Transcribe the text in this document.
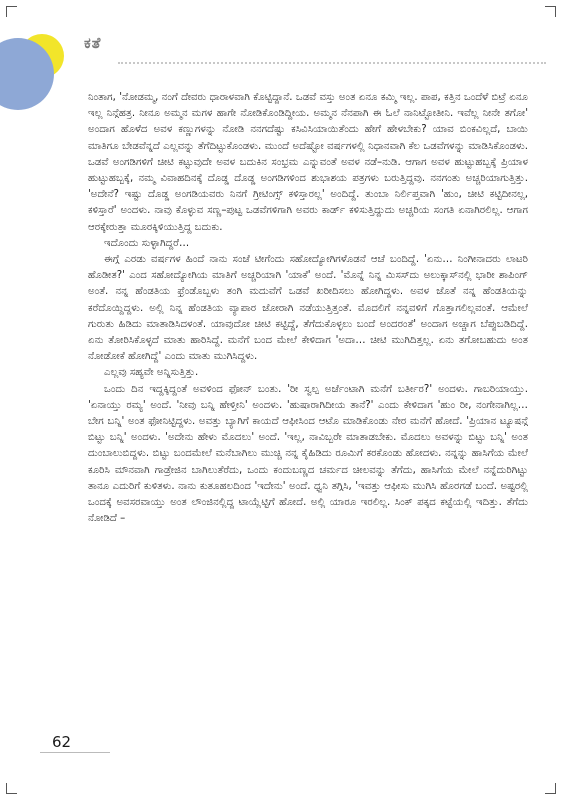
ಕತೆ

ನಿಂತಾಗ, 'ನೋಡಮ್ಮ, ನಂಗೆ ದೇವರು ಧಾರಾಳವಾಗಿ ಕೊಟ್ಟಿದ್ದಾನೆ. ಒಡವೆ ವಸ್ತು ಅಂತ ಏನೂ ಕಮ್ಮಿ ಇಲ್ಲ. ಪಾಪ, ಕತ್ತಿನ ಒಂದೆಳೆ ಬಿಟ್ರೆ ಏನೂ ಇಲ್ಲ ನಿನ್ಗೆಹತ್ರ. ನೀನೂ ಅಮ್ಮನ ಮಗಳ ಹಾಗೇ ನೋಡಿಕೊಂಡಿದ್ದೀಯ. ಅಮ್ಮನ ನೆನಪಾಗಿ ಈ ಓಲೆ ನಾನಿಟ್ಟೋತೀನಿ. ಇವೆಲ್ಲ ನೀನೇ ತಗೋ' ಅಂದಾಗ ಹೊಳೆದ ಅವಳ ಕಣ್ಣುಗಳನ್ನು ನೋಡಿ ನನಗದೆಷ್ಟು ಕಸಿವಿಸಿಯಾಯಿತೆಂದು ಹೇಗೆ ಹೇಳಬೇಕು? ಯಾವ ಬಿಂಕವಿಲ್ಲದೆ, ಬಾಯಿ ಮಾತಿಗೂ ಬೇಡವೆನ್ನದೆ ಎಲ್ಲವನ್ನು ತೆಗೆದಿಟ್ಟುಕೊಂಡಳು. ಮುಂದೆ ಅದೆಷ್ಟೋ ವರ್ಷಗಳಲ್ಲಿ ನಿಧಾನವಾಗಿ ಕೆಲ ಒಡವೆಗಳನ್ನು ಮಾಡಿಸಿಕೊಂಡಳು. ಒಡವೆ ಅಂಗಡಿಗಳಿಗೆ ಚೀಟಿ ಕಟ್ಟುವುದೇ ಅವಳ ಬದುಕಿನ ಸಂಭ್ರಮ ಎನ್ನುವಂತೆ ಅವಳ ನಡೆ–ನುಡಿ. ಆಗಾಗ ಅವಳ ಹುಟ್ಟುಹಬ್ಬಕ್ಕೆ ಪ್ರಿಯಾಳ ಹುಟ್ಟುಹಬ್ಬಕ್ಕೆ, ನಮ್ಮ ವಿವಾಹದಿನಕ್ಕೆ ದೊಡ್ಡ ದೊಡ್ಡ ಅಂಗಡಿಗಳಿಂದ ಶುಭಾಶಯ ಪತ್ರಗಳು ಬರುತ್ತಿದ್ದವು. ನನಗಂತು ಅಚ್ಚರಿಯಾಗುತ್ತಿತ್ತು. 'ಅದೇನೆ? ಇಷ್ಟು ದೊಡ್ಡ ಅಂಗಡಿಯವರು ನಿನಗೆ ಗ್ರೀಟಿಂಗ್ಸ್ ಕಳಿಸ್ತಾರಲ್ಲ' ಅಂದಿದ್ದೆ. ತುಂಬಾ ನಿರ್ಲಿಪ್ತವಾಗಿ 'ಹುಂ, ಚೀಟಿ ಕಟ್ಟಿದೀನಲ್ಲ, ಕಳಿಸ್ತಾರೆ' ಅಂದಳು. ನಾವು ಕೊಳ್ಳುವ ಸಣ್ಣ–ಪುಟ್ಟ ಒಡವೆಗಳಿಗಾಗಿ ಅವರು ಕಾರ್ಡ್ ಕಳಿಸುತ್ತಿದ್ದುದು ಅಚ್ಚರಿಯ ಸಂಗತಿ ಏನಾಗಿರಲಿಲ್ಲ. ಆಗಾಗ ಆರಕ್ಕೇರುತ್ತಾ ಮೂರಕ್ಕಿಳಿಯುತ್ತಿದ್ದ ಬದುಕು.

ಇದೊಂದು ಸುಳ್ಳಾಗಿದ್ದರೆ…

ಈಗ್ಗೆ ಎರಡು ವರ್ಷಗಳ ಹಿಂದೆ ನಾನು ಸಂಜೆ ಟೀಗೆಂದು ಸಹೋದ್ಯೋಗಿಗಳೊಡನೆ ಆಚೆ ಬಂದಿದ್ದೆ. 'ಏನು… ನಿಂಗೀನಾದರು ಲಾಟರಿ ಹೊಡೀತ?' ಎಂದ ಸಹೋದ್ಯೋಗಿಯ ಮಾತಿಗೆ ಅಚ್ಚರಿಯಾಗಿ 'ಯಾಕೆ' ಅಂದೆ. 'ಮೊನ್ನೆ ನಿನ್ನ ಮಿಸಸ್‌ದು ಅಲುಕ್ಕಾಸ್‌ನಲ್ಲಿ ಭಾರೀ ಶಾಪಿಂಗ್ ಅಂತೆ. ನನ್ನ ಹೆಂಡತಿಯ ಫ್ರೆಂಡೊಬ್ಬಳು ತಂಗಿ ಮದುವೆಗೆ ಒಡವೆ ಖರೀದಿಸಲು ಹೋಗಿದ್ದಳು. ಅವಳ ಜೊತೆ ನನ್ನ ಹೆಂಡತಿಯನ್ನು ಕರೆದೊಯ್ದಿದ್ದಳು. ಅಲ್ಲಿ ನಿನ್ನ ಹೆಂಡತಿಯ ವ್ಯಾಪಾರ ಜೋರಾಗಿ ನಡೆಯುತ್ತಿತ್ತಂತೆ. ಮೊದಲಿಗೆ ನನ್ನವಳಿಗೆ ಗೊತ್ತಾಗಲಿಲ್ಲವಂತೆ. ಆಮೇಲೆ ಗುರುತು ಹಿಡಿದು ಮಾತಾಡಿಸಿದಳಂತೆ. ಯಾವುದೋ ಚೀಟಿ ಕಟ್ಟಿದ್ದೆ, ತೆಗೆದುಕೊಳ್ಳಲು ಬಂದೆ ಅಂದರಂತೆ' ಅಂದಾಗ ಅಚ್ಚಾಗ ಬೆಪ್ಪುಬಡಿದಿದ್ದೆ. ಏನು ತೋರಿಸಿಕೊಳ್ಳದೆ ಮಾತು ಹಾರಿಸಿದ್ದೆ. ಮನೆಗೆ ಬಂದ ಮೇಲೆ ಕೇಳಿದಾಗ 'ಅದಾ… ಚೀಟಿ ಮುಗಿದಿತ್ತಲ್ಲ. ಏನು ತಗೋಬಹುದು ಅಂತ ನೋಡೋಕೆ ಹೋಗಿದ್ದೆ' ಎಂದು ಮಾತು ಮುಗಿಸಿದ್ದಳು.

ಎಲ್ಲವು ಸಹ್ಯವೇ ಅನ್ನಿಸುತ್ತಿತ್ತು.

ಒಂದು ದಿನ ಇದ್ದಕ್ಕಿದ್ದಂತೆ ಅವಳಿಂದ ಫೋನ್ ಬಂತು. 'ರೀ ಸ್ವಲ್ಪ ಅರ್ಜೆಂಟಾಗಿ ಮನೆಗೆ ಬರ್ತೀರ?' ಅಂದಳು. ಗಾಬರಿಯಾಯ್ತು. 'ಏನಾಯ್ತು ರಮ್ಯ' ಅಂದೆ. 'ನೀವು ಬನ್ನಿ ಹೇಳ್ತೀನಿ' ಅಂದಳು. 'ಹುಷಾರಾಗಿದೀಯ ತಾನೆ?' ಎಂದು ಕೇಳಿದಾಗ 'ಹುಂ ರೀ, ನಂಗೇನಾಗಿಲ್ಲ… ಬೇಗ ಬನ್ನಿ' ಅಂತ ಫೋನಿಟ್ಟಿದ್ದಳು. ಅವತ್ತು ಬ್ಯಾಗಿಗೆ ಕಾಯದೆ ಆಫೀಸಿಂದ ಆಟೊ ಮಾಡಿಕೊಂಡು ನೇರ ಮನೆಗೆ ಹೋದೆ. 'ಪ್ರಿಯಾನ ಟ್ಯೂಷನ್ಗೆ ಬಿಟ್ಟು ಬನ್ನಿ' ಅಂದಳು. 'ಅದೇನು ಹೇಳು ಮೊದಲು' ಅಂದೆ. 'ಇಲ್ಲ, ನಾವಿಬ್ಬರೇ ಮಾತಾಡಬೇಕು. ಮೊದಲು ಅವಳನ್ನು ಬಿಟ್ಟು ಬನ್ನಿ' ಅಂತ ದುಂಬಾಲುಬಿದ್ದಳು. ಬಿಟ್ಟು ಬಂದಮೇಲೆ ಮನೆಬಾಗಿಲು ಮುಚ್ಚಿ ನನ್ನ ಕೈಹಿಡಿದು ರೂಮಿಗೆ ಕರಕೊಂಡು ಹೋದಳು. ನನ್ನನ್ನು ಹಾಸಿಗೆಯ ಮೇಲೆ ಕೂರಿಸಿ ಮೌನವಾಗಿ ಗಾಡ್ರೇಜಿನ ಬಾಗಿಲುತೆರೆದು, ಒಂದು ಕಂದುಬಣ್ಣದ ಚರ್ಮದ ಚೀಲವನ್ನು ತೆಗೆದು, ಹಾಸಿಗೆಯ ಮೇಲೆ ನನ್ನೆದುರಿಗಿಟ್ಟು ತಾನೂ ಎದುರಿಗೆ ಕುಳಿತಳು. ನಾನು ಕುತೂಹಲದಿಂದ 'ಇದೇನು' ಅಂದೆ. ಧ್ವನಿ ತಗ್ಗಿಸಿ, 'ಇವತ್ತು ಆಫೀಸು ಮುಗಿಸಿ ಹೊರಗಡೆ ಬಂದೆ. ಅಷ್ಟರಲ್ಲಿ ಒಂದಕ್ಕೆ ಅವಸರವಾಯ್ತು ಅಂತ ಲೌಂಜಿನಲ್ಲಿದ್ದ ಟಾಯ್ಲೆಟ್ಟಿಗೆ ಹೋದೆ. ಅಲ್ಲಿ ಯಾರೂ ಇರಲಿಲ್ಲ. ಸಿಂಕ್ ಪಕ್ಕದ ಕಟ್ಟೆಯಲ್ಲಿ ಇದಿತ್ತು. ತೆಗೆದು ನೋಡಿದೆ –

62
